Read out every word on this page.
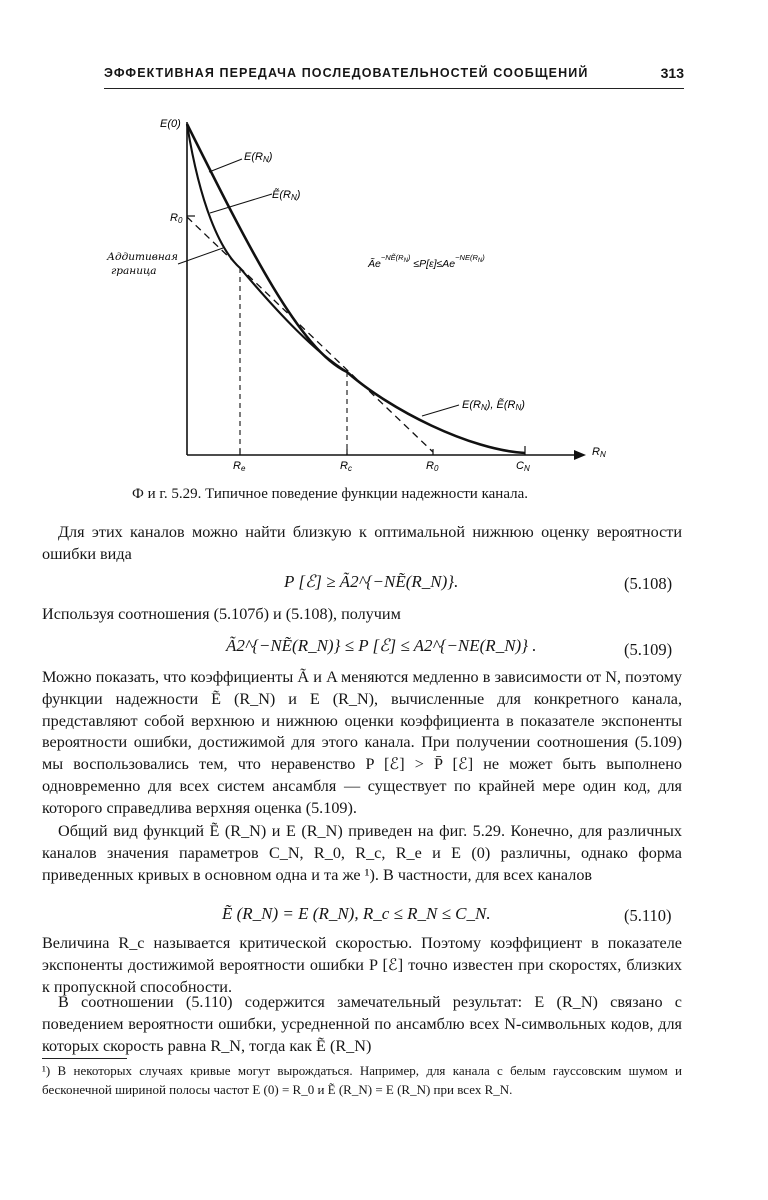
ЭФФЕКТИВНАЯ ПЕРЕДАЧА ПОСЛЕДОВАТЕЛЬНОСТЕЙ СООБЩЕНИЙ	313
E(0)
R0
E(RN)
Ẽ(RN)
Аддитивная
граница
$Ãe^{-NẼ(R}N) \le P[\varepsilon]\le Ae^{-NE(R}N$)
E(RN), Ẽ(RN)
RN
Re	Rc	R0	CN
Ф и г. 5.29. Типичное поведение функции надежности канала.
Для этих каналов можно найти близкую к оптимальной нижнюю оценку вероятности ошибки вида
P [ℰ] ≥ Ã2^{−NẼ(R_N)}.	(5.108)
Используя соотношения (5.107б) и (5.108), получим
Ã2^{−NẼ(R_N)} ≤ P [ℰ] ≤ A2^{−NE(R_N)} .	(5.109)
Можно показать, что коэффициенты Ã и A меняются медленно в зависимости от N, поэтому функции надежности Ẽ (R_N) и E (R_N), вычисленные для конкретного канала, представляют собой верхнюю и нижнюю оценки коэффициента в показателе экспоненты вероятности ошибки, достижимой для этого канала. При получении соотношения (5.109) мы воспользовались тем, что неравенство P [ℰ] > P̄ [ℰ] не может быть выполнено одновременно для всех систем ансамбля — существует по крайней мере один код, для которого справедлива верхняя оценка (5.109).
Общий вид функций Ẽ (R_N) и E (R_N) приведен на фиг. 5.29. Конечно, для различных каналов значения параметров C_N, R_0, R_c, R_e и E (0) различны, однако форма приведенных кривых в основном одна и та же ¹). В частности, для всех каналов
Ẽ (R_N) = E (R_N), R_c ≤ R_N ≤ C_N.	(5.110)
Величина R_c называется критической скоростью. Поэтому коэффициент в показателе экспоненты достижимой вероятности ошибки P [ℰ] точно известен при скоростях, близких к пропускной способности.
В соотношении (5.110) содержится замечательный результат: E (R_N) связано с поведением вероятности ошибки, усредненной по ансамблю всех N-символьных кодов, для которых скорость равна R_N, тогда как Ẽ (R_N)
¹) В некоторых случаях кривые могут вырождаться. Например, для канала с белым гауссовским шумом и бесконечной шириной полосы частот E (0) = R_0 и Ẽ (R_N) = E (R_N) при всех R_N.
